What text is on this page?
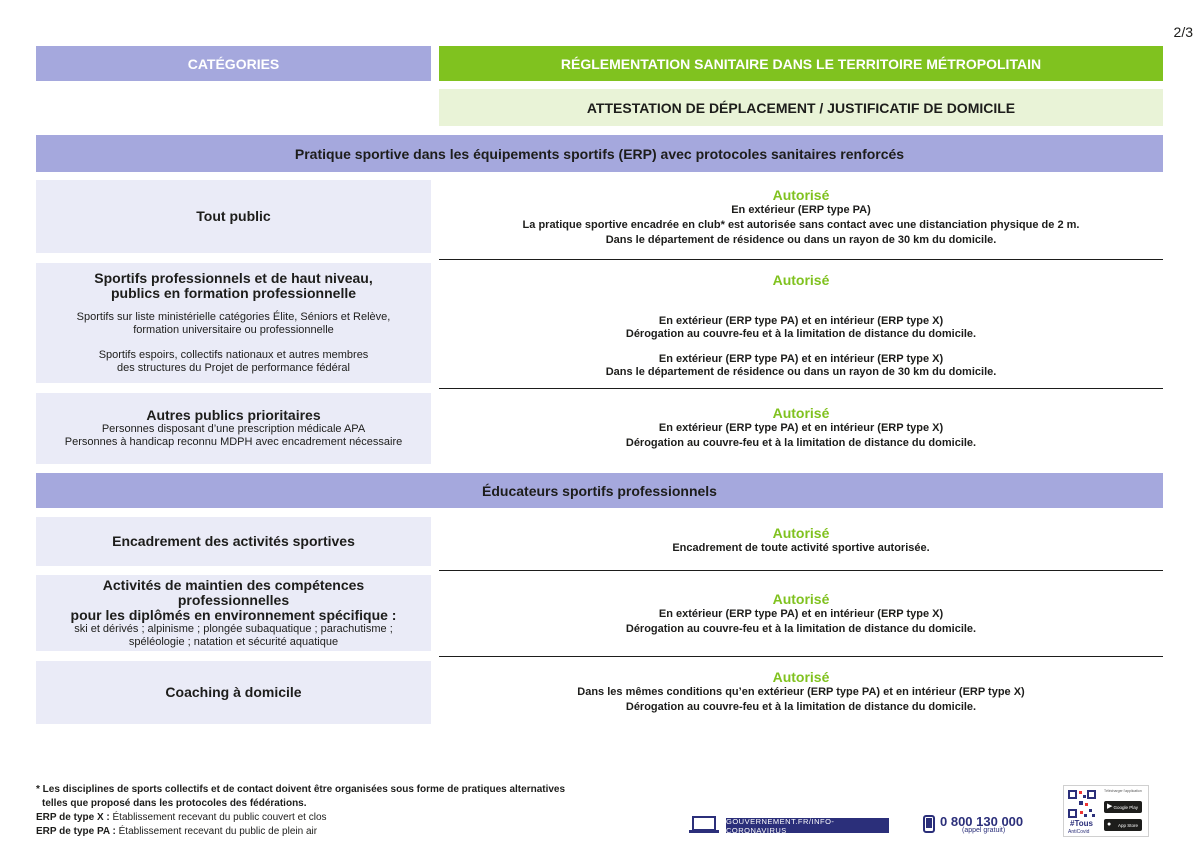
2/3
CATÉGORIES	RÉGLEMENTATION SANITAIRE DANS LE TERRITOIRE MÉTROPOLITAIN
ATTESTATION DE DÉPLACEMENT / JUSTIFICATIF DE DOMICILE
Pratique sportive dans les équipements sportifs (ERP) avec protocoles sanitaires renforcés
Tout public
Autorisé
En extérieur (ERP type PA)
La pratique sportive encadrée en club* est autorisée sans contact avec une distanciation physique de 2 m.
Dans le département de résidence ou dans un rayon de 30 km du domicile.
Sportifs professionnels et de haut niveau,
publics en formation professionnelle
Sportifs sur liste ministérielle catégories Élite, Séniors et Relève,
formation universitaire ou professionnelle
Sportifs espoirs, collectifs nationaux et autres membres
des structures du Projet de performance fédéral
Autorisé
En extérieur (ERP type PA) et en intérieur (ERP type X)
Dérogation au couvre-feu et à la limitation de distance du domicile.
En extérieur (ERP type PA) et en intérieur (ERP type X)
Dans le département de résidence ou dans un rayon de 30 km du domicile.
Autres publics prioritaires
Personnes disposant d’une prescription médicale APA
Personnes à handicap reconnu MDPH avec encadrement nécessaire
Autorisé
En extérieur (ERP type PA) et en intérieur (ERP type X)
Dérogation au couvre-feu et à la limitation de distance du domicile.
Éducateurs sportifs professionnels
Encadrement des activités sportives	Autorisé
Encadrement de toute activité sportive autorisée.
Activités de maintien des compétences professionnelles
pour les diplômés en environnement spécifique :
ski et dérivés ; alpinisme ; plongée subaquatique ; parachutisme ;
spéléologie ; natation et sécurité aquatique
Autorisé
En extérieur (ERP type PA) et en intérieur (ERP type X)
Dérogation au couvre-feu et à la limitation de distance du domicile.
Coaching à domicile
Autorisé
Dans les mêmes conditions qu’en extérieur (ERP type PA) et en intérieur (ERP type X)
Dérogation au couvre-feu et à la limitation de distance du domicile.
* Les disciplines de sports collectifs et de contact doivent être organisées sous forme de pratiques alternatives
telles que proposé dans les protocoles des fédérations.
ERP de type X : Établissement recevant du public couvert et clos
ERP de type PA : Établissement recevant du public de plein air
GOUVERNEMENT.FR/INFO-CORONAVIRUS
0 800 130 000
(appel gratuit)
#Tous
AntiCovid
Télécharger l'application
▶ Google Play
● App Store
